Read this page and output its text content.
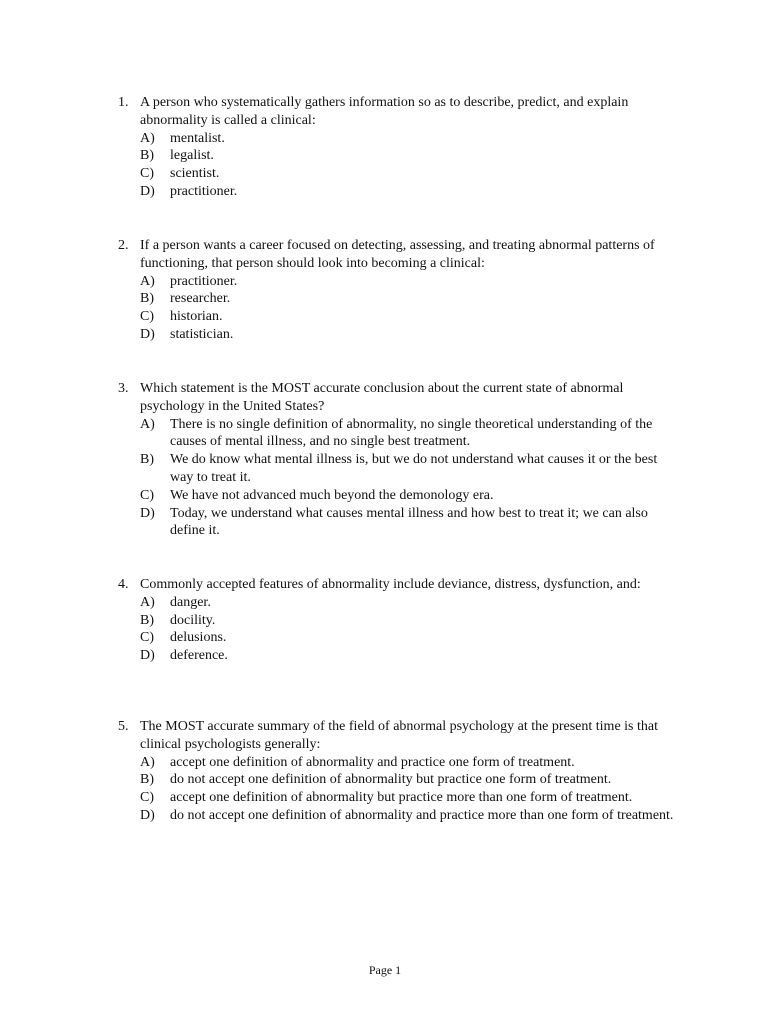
1. A person who systematically gathers information so as to describe, predict, and explain abnormality is called a clinical:
A)	mentalist.
B)	legalist.
C)	scientist.
D)	practitioner.
2. If a person wants a career focused on detecting, assessing, and treating abnormal patterns of functioning, that person should look into becoming a clinical:
A)	practitioner.
B)	researcher.
C)	historian.
D)	statistician.
3. Which statement is the MOST accurate conclusion about the current state of abnormal psychology in the United States?
A)	There is no single definition of abnormality, no single theoretical understanding of the causes of mental illness, and no single best treatment.
B)	We do know what mental illness is, but we do not understand what causes it or the best way to treat it.
C)	We have not advanced much beyond the demonology era.
D)	Today, we understand what causes mental illness and how best to treat it; we can also define it.
4. Commonly accepted features of abnormality include deviance, distress, dysfunction, and:
A)	danger.
B)	docility.
C)	delusions.
D)	deference.
5. The MOST accurate summary of the field of abnormal psychology at the present time is that clinical psychologists generally:
A)	accept one definition of abnormality and practice one form of treatment.
B)	do not accept one definition of abnormality but practice one form of treatment.
C)	accept one definition of abnormality but practice more than one form of treatment.
D)	do not accept one definition of abnormality and practice more than one form of treatment.
Page 1
